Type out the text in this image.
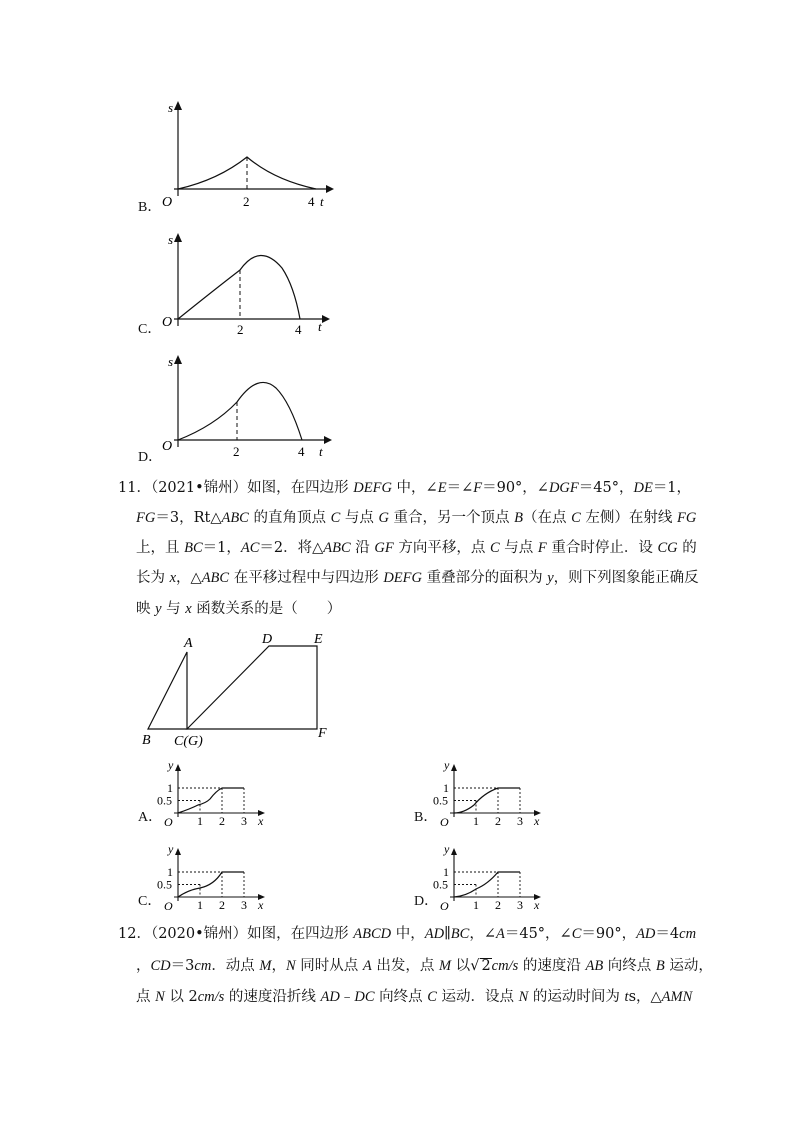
B．
s
O	2	4 t
C．
s
O	2	4 t
D．
s
O	2	4 t
11．（2021•锦州）如图，在四边形 DEFG 中，∠E＝∠F＝90°，∠DGF＝45°，DE＝1，
FG＝3，Rt△ABC 的直角顶点 C 与点 G 重合，另一个顶点 B（在点 C 左侧）在射线 FG
上，且 BC＝1，AC＝2．将△ABC 沿 GF 方向平移，点 C 与点 F 重合时停止．设 CG 的
长为 x，△ABC 在平移过程中与四边形 DEFG 重叠部分的面积为 y，则下列图象能正确反
映 y 与 x 函数关系的是（　　）
A
B C(G)
D	E
F
A．
y
1
0.5
O 1 2 3 x	B．
y
1
0.5
O 1 2 3 x
C．
y
1
0.5
O 1 2 3 x	D．
y
1
0.5
O 1 2 3 x
12．（2020•锦州）如图，在四边形 ABCD 中，AD∥BC，∠A＝45°，∠C＝90°，AD＝4cm
，CD＝3cm．动点 M，N 同时从点 A 出发，点 M 以√ 2cm/s 的速度沿 AB 向终点 B 运动，
点 N 以 2cm/s 的速度沿折线 AD﹣DC 向终点 C 运动．设点 N 的运动时间为 ts，△AMN
